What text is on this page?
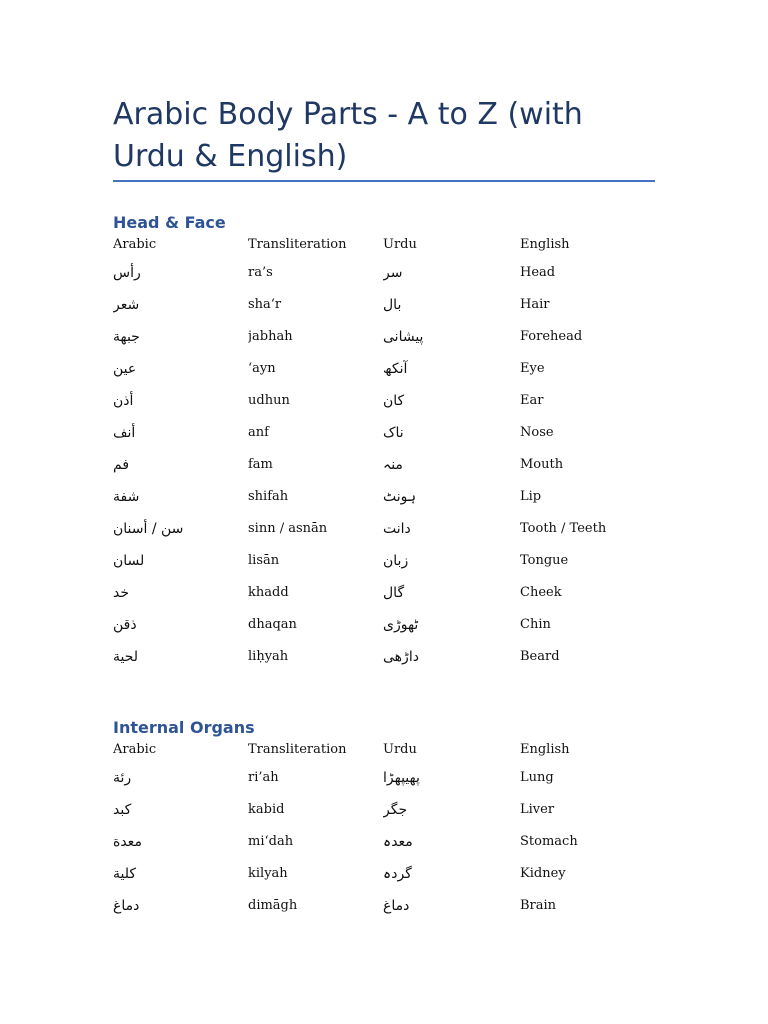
Arabic Body Parts - A to Z (with Urdu & English)
Head & Face
Arabic	Transliteration	Urdu	English
رأس	ra’s	سر	Head
شعر	sha‘r	بال	Hair
جبهة	jabhah	پیشانی	Forehead
عين	‘ayn	آنکھ	Eye
أذن	udhun	کان	Ear
أنف	anf	ناک	Nose
فم	fam	منہ	Mouth
شفة	shifah	ہونٹ	Lip
سن / أسنان	sinn / asnān	دانت	Tooth / Teeth
لسان	lisān	زبان	Tongue
خد	khadd	گال	Cheek
ذقن	dhaqan	ٹھوڑی	Chin
لحية	liḥyah	داڑھی	Beard
Internal Organs
Arabic	Transliteration	Urdu	English
رئة	ri’ah	پھیپھڑا	Lung
كبد	kabid	جگر	Liver
معدة	mi‘dah	معدہ	Stomach
كلية	kilyah	گردہ	Kidney
دماغ	dimāgh	دماغ	Brain
